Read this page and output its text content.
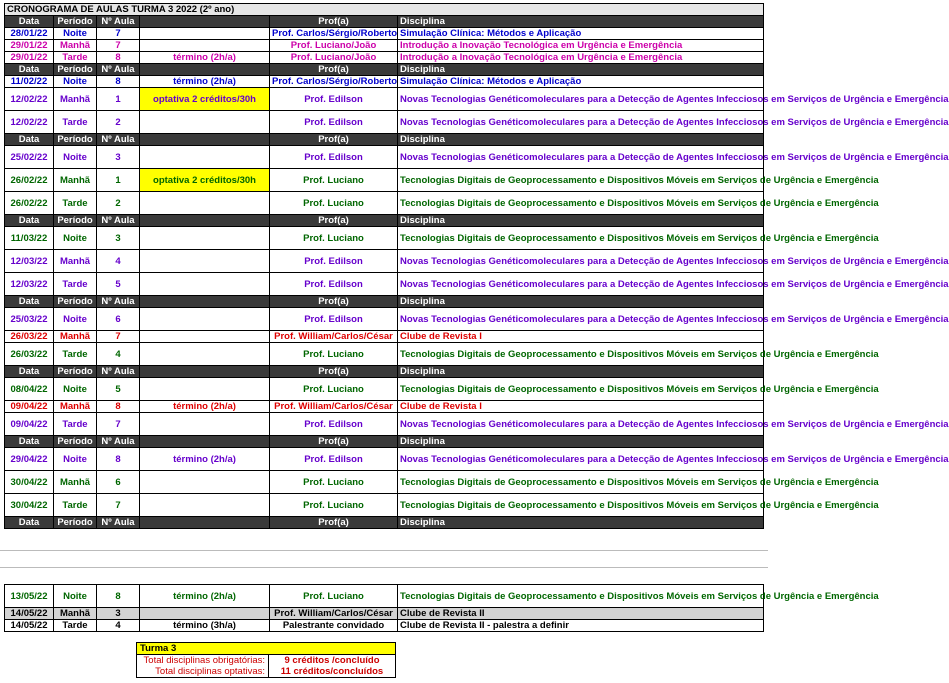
CRONOGRAMA DE AULAS TURMA 3 2022 (2º ano)					
Data	Período	Nº Aula		Prof(a)	Disciplina
28/01/22	Noite	7		Prof. Carlos/Sérgio/Roberto	Simulação Clínica: Métodos e Aplicação
29/01/22	Manhã	7		Prof. Luciano/João	Introdução a Inovação Tecnológica em Urgência e Emergência
29/01/22	Tarde	8	término (2h/a)	Prof. Luciano/João	Introdução a Inovação Tecnológica em Urgência e Emergência
Data	Período	Nº Aula		Prof(a)	Disciplina
11/02/22	Noite	8	término (2h/a)	Prof. Carlos/Sérgio/Roberto	Simulação Clínica: Métodos e Aplicação
12/02/22	Manhã	1	optativa 2 créditos/30h	Prof. Edilson	Novas Tecnologias Genéticomoleculares para a Detecção de Agentes Infecciosos em Serviços de Urgência e Emergência
12/02/22	Tarde	2		Prof. Edilson	Novas Tecnologias Genéticomoleculares para a Detecção de Agentes Infecciosos em Serviços de Urgência e Emergência
Data	Período	Nº Aula		Prof(a)	Disciplina
25/02/22	Noite	3		Prof. Edilson	Novas Tecnologias Genéticomoleculares para a Detecção de Agentes Infecciosos em Serviços de Urgência e Emergência
26/02/22	Manhã	1	optativa 2 créditos/30h	Prof. Luciano	Tecnologias Digitais de Geoprocessamento e Dispositivos Móveis em Serviços de Urgência e Emergência
26/02/22	Tarde	2		Prof. Luciano	Tecnologias Digitais de Geoprocessamento e Dispositivos Móveis em Serviços de Urgência e Emergência
Data	Período	Nº Aula		Prof(a)	Disciplina
11/03/22	Noite	3		Prof. Luciano	Tecnologias Digitais de Geoprocessamento e Dispositivos Móveis em Serviços de Urgência e Emergência
12/03/22	Manhã	4		Prof. Edilson	Novas Tecnologias Genéticomoleculares para a Detecção de Agentes Infecciosos em Serviços de Urgência e Emergência
12/03/22	Tarde	5		Prof. Edilson	Novas Tecnologias Genéticomoleculares para a Detecção de Agentes Infecciosos em Serviços de Urgência e Emergência
Data	Período	Nº Aula		Prof(a)	Disciplina
25/03/22	Noite	6		Prof. Edilson	Novas Tecnologias Genéticomoleculares para a Detecção de Agentes Infecciosos em Serviços de Urgência e Emergência
26/03/22	Manhã	7		Prof. William/Carlos/César	Clube de Revista I
26/03/22	Tarde	4		Prof. Luciano	Tecnologias Digitais de Geoprocessamento e Dispositivos Móveis em Serviços de Urgência e Emergência
Data	Período	Nº Aula		Prof(a)	Disciplina
08/04/22	Noite	5		Prof. Luciano	Tecnologias Digitais de Geoprocessamento e Dispositivos Móveis em Serviços de Urgência e Emergência
09/04/22	Manhã	8	término (2h/a)	Prof. William/Carlos/César	Clube de Revista I
09/04/22	Tarde	7		Prof. Edilson	Novas Tecnologias Genéticomoleculares para a Detecção de Agentes Infecciosos em Serviços de Urgência e Emergência
Data	Período	Nº Aula		Prof(a)	Disciplina
29/04/22	Noite	8	término (2h/a)	Prof. Edilson	Novas Tecnologias Genéticomoleculares para a Detecção de Agentes Infecciosos em Serviços de Urgência e Emergência
30/04/22	Manhã	6		Prof. Luciano	Tecnologias Digitais de Geoprocessamento e Dispositivos Móveis em Serviços de Urgência e Emergência
30/04/22	Tarde	7		Prof. Luciano	Tecnologias Digitais de Geoprocessamento e Dispositivos Móveis em Serviços de Urgência e Emergência
Data	Período	Nº Aula		Prof(a)	Disciplina
13/05/22	Noite	8	término (2h/a)	Prof. Luciano	Tecnologias Digitais de Geoprocessamento e Dispositivos Móveis em Serviços de Urgência e Emergência
14/05/22	Manhã	3		Prof. William/Carlos/César	Clube de Revista II
14/05/22	Tarde	4	término (3h/a)	Palestrante convidado	Clube de Revista II - palestra a definir
Turma 3	
Total disciplinas obrigatórias:	9 créditos /concluído
Total disciplinas optativas:	11 créditos/concluídos
